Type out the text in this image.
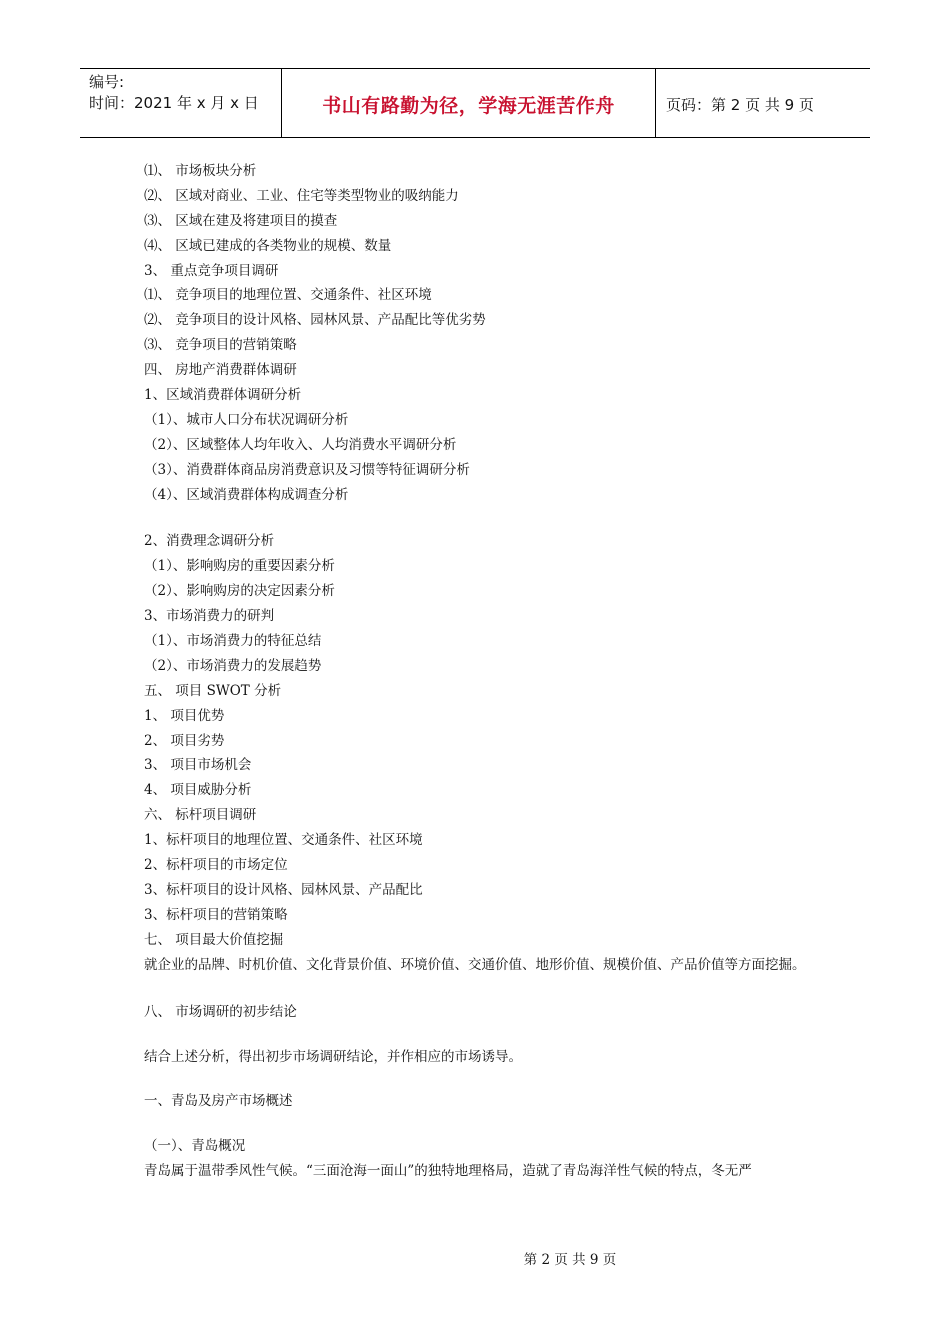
编号:
时间：2021 年 x 月 x 日	书山有路勤为径，学海无涯苦作舟	页码：第 2 页 共 9 页
⑴、 市场板块分析
⑵、 区域对商业、工业、住宅等类型物业的吸纳能力
⑶、 区域在建及将建项目的摸查
⑷、 区域已建成的各类物业的规模、数量
3、 重点竞争项目调研
⑴、 竞争项目的地理位置、交通条件、社区环境
⑵、 竞争项目的设计风格、园林风景、产品配比等优劣势
⑶、 竞争项目的营销策略
四、 房地产消费群体调研
1、区域消费群体调研分析
（1）、城市人口分布状况调研分析
（2）、区域整体人均年收入、人均消费水平调研分析
（3）、消费群体商品房消费意识及习惯等特征调研分析
（4）、区域消费群体构成调查分析
2、消费理念调研分析
（1）、影响购房的重要因素分析
（2）、影响购房的决定因素分析
3、市场消费力的研判
（1）、市场消费力的特征总结
（2）、市场消费力的发展趋势
五、 项目 SWOT 分析
1、 项目优势
2、 项目劣势
3、 项目市场机会
4、 项目威胁分析
六、 标杆项目调研
1、标杆项目的地理位置、交通条件、社区环境
2、标杆项目的市场定位
3、标杆项目的设计风格、园林风景、产品配比
3、标杆项目的营销策略
七、 项目最大价值挖掘
就企业的品牌、时机价值、文化背景价值、环境价值、交通价值、地形价值、规模价值、产品价值等方面挖掘。
八、 市场调研的初步结论
结合上述分析，得出初步市场调研结论，并作相应的市场诱导。
一、青岛及房产市场概述
（一）、青岛概况
青岛属于温带季风性气候。“三面沧海一面山”的独特地理格局，造就了青岛海洋性气候的特点，冬无严
第 2 页 共 9 页
